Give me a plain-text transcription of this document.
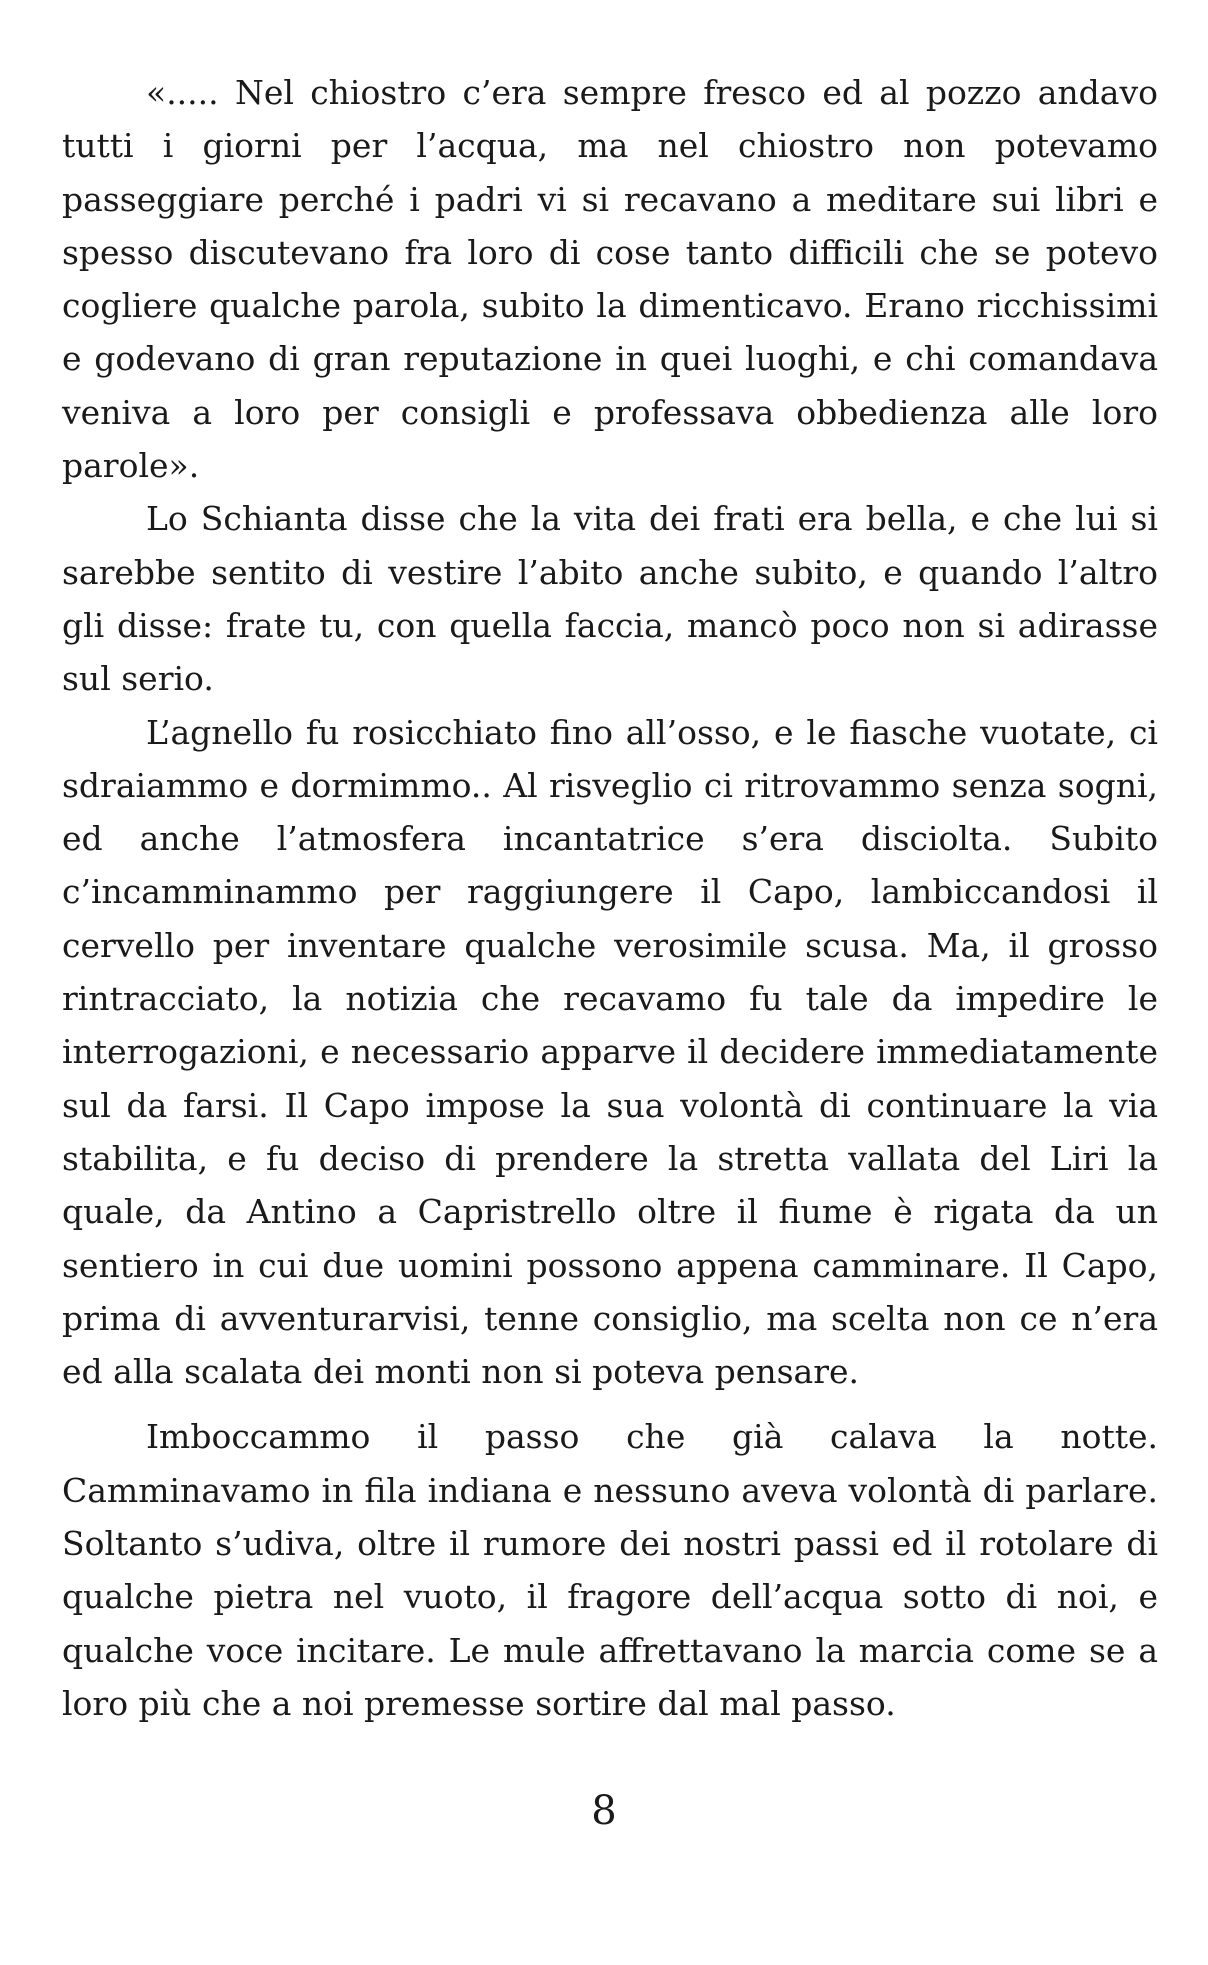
«..... Nel chiostro c’era sempre fresco ed al pozzo andavo tutti i giorni per l’acqua, ma nel chiostro non potevamo passeggiare perché i padri vi si recavano a meditare sui libri e spesso discutevano fra loro di cose tanto difficili che se potevo cogliere qualche parola, subito la dimenticavo. Erano ricchissimi e godevano di gran reputazione in quei luoghi, e chi comandava veniva a loro per consigli e professava obbedienza alle loro parole».

Lo Schianta disse che la vita dei frati era bella, e che lui si sarebbe sentito di vestire l’abito anche subito, e quando l’altro gli disse: frate tu, con quella faccia, mancò poco non si adirasse sul serio.

L’agnello fu rosicchiato fino all’osso, e le fiasche vuotate, ci sdraiammo e dormimmo.. Al risveglio ci ritrovammo senza sogni, ed anche l’atmosfera incantatrice s’era disciolta. Subito c’incamminammo per raggiungere il Capo, lambiccandosi il cervello per inventare qualche verosimile scusa. Ma, il grosso rintracciato, la notizia che recavamo fu tale da impedire le interrogazioni, e necessario apparve il decidere immediatamente sul da farsi. Il Capo impose la sua volontà di continuare la via stabilita, e fu deciso di prendere la stretta vallata del Liri la quale, da Antino a Capristrello oltre il fiume è rigata da un sentiero in cui due uomini possono appena camminare. Il Capo, prima di avventurarvisi, tenne consiglio, ma scelta non ce n’era ed alla scalata dei monti non si poteva pensare.

Imboccammo il passo che già calava la notte. Camminavamo in fila indiana e nessuno aveva volontà di parlare. Soltanto s’udiva, oltre il rumore dei nostri passi ed il rotolare di qualche pietra nel vuoto, il fragore dell’acqua sotto di noi, e qualche voce incitare. Le mule affrettavano la marcia come se a loro più che a noi premesse sortire dal mal passo.

8
